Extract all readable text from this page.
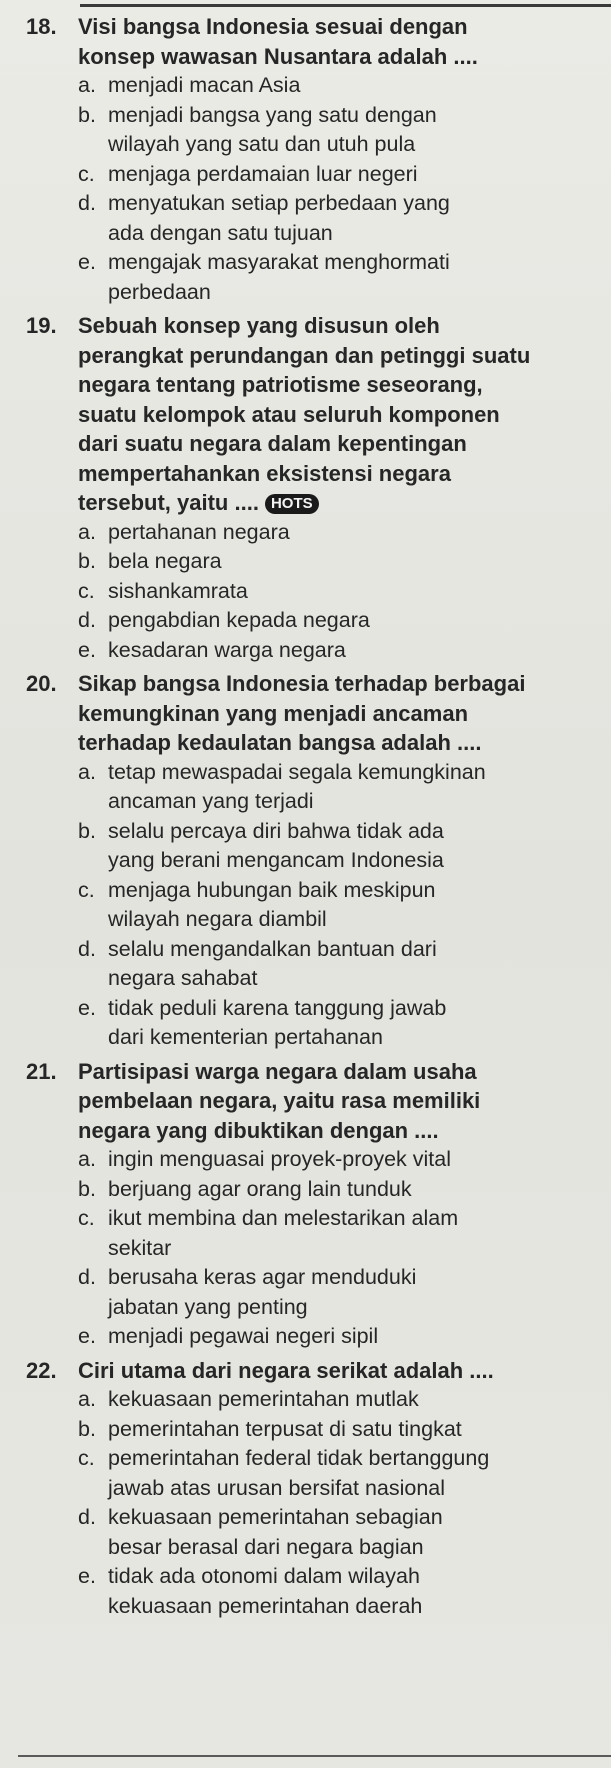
18. Visi bangsa Indonesia sesuai dengan
konsep wawasan Nusantara adalah ....
a. menjadi macan Asia
b. menjadi bangsa yang satu dengan
wilayah yang satu dan utuh pula
c. menjaga perdamaian luar negeri
d. menyatukan setiap perbedaan yang
ada dengan satu tujuan
e. mengajak masyarakat menghormati
perbedaan
19. Sebuah konsep yang disusun oleh
perangkat perundangan dan petinggi suatu
negara tentang patriotisme seseorang,
suatu kelompok atau seluruh komponen
dari suatu negara dalam kepentingan
mempertahankan eksistensi negara
tersebut, yaitu .... HOTS
a. pertahanan negara
b. bela negara
c. sishankamrata
d. pengabdian kepada negara
e. kesadaran warga negara
20. Sikap bangsa Indonesia terhadap berbagai
kemungkinan yang menjadi ancaman
terhadap kedaulatan bangsa adalah ....
a. tetap mewaspadai segala kemungkinan
ancaman yang terjadi
b. selalu percaya diri bahwa tidak ada
yang berani mengancam Indonesia
c. menjaga hubungan baik meskipun
wilayah negara diambil
d. selalu mengandalkan bantuan dari
negara sahabat
e. tidak peduli karena tanggung jawab
dari kementerian pertahanan
21. Partisipasi warga negara dalam usaha
pembelaan negara, yaitu rasa memiliki
negara yang dibuktikan dengan ....
a. ingin menguasai proyek-proyek vital
b. berjuang agar orang lain tunduk
c. ikut membina dan melestarikan alam
sekitar
d. berusaha keras agar menduduki
jabatan yang penting
e. menjadi pegawai negeri sipil
22. Ciri utama dari negara serikat adalah ....
a. kekuasaan pemerintahan mutlak
b. pemerintahan terpusat di satu tingkat
c. pemerintahan federal tidak bertanggung
jawab atas urusan bersifat nasional
d. kekuasaan pemerintahan sebagian
besar berasal dari negara bagian
e. tidak ada otonomi dalam wilayah
kekuasaan pemerintahan daerah
